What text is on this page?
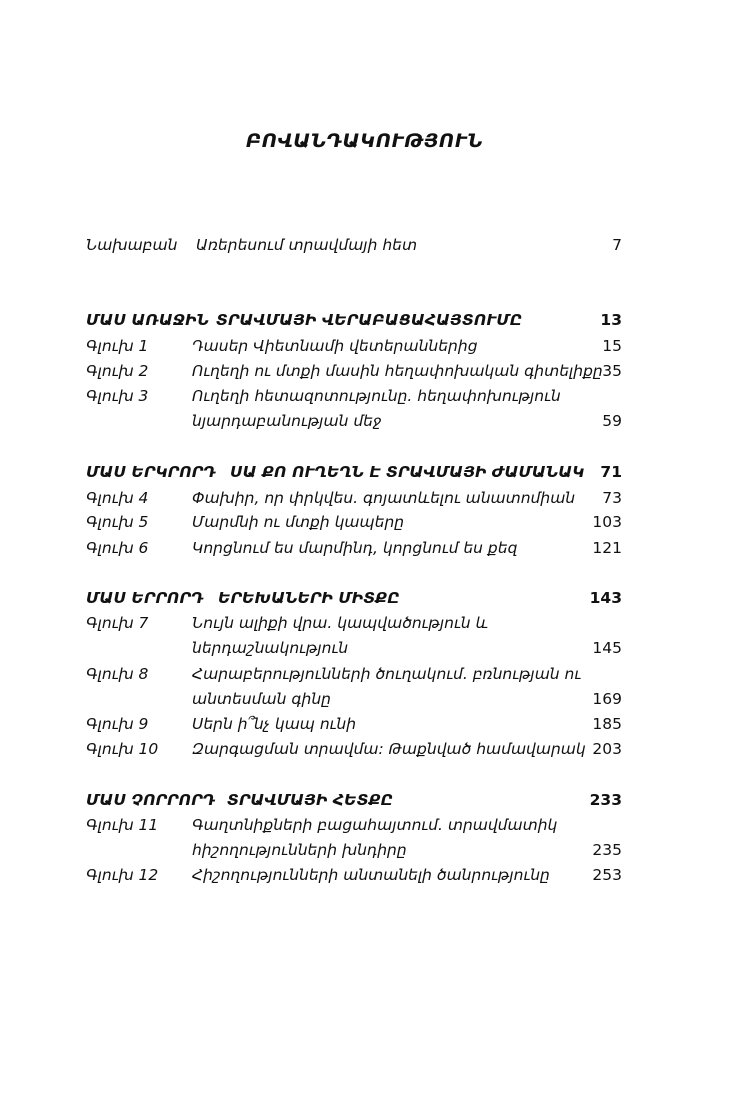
ԲՈՎԱՆԴԱԿՈՒԹՅՈՒՆ
Նախաբան Առերեսում տրավմայի հետ	7
ՄԱՍ ԱՌԱՋԻՆ ՏՐԱՎՄԱՅԻ ՎԵՐԱԲԱՑԱՀԱՅՏՈՒՄԸ	13
Գլուխ 1	Դասեր Վիետնամի վետերաններից	15
Գլուխ 2	Ուղեղի ու մտքի մասին հեղափոխական գիտելիքը 35
Գլուխ 3	Ուղեղի հետազոտությունը. հեղափոխություն
նյարդաբանության մեջ	59
ՄԱՍ ԵՐԿՐՈՐԴ ՍԱ ՔՈ ՈՒՂԵՂՆ Է ՏՐԱՎՄԱՅԻ ԺԱՄԱՆԱԿ 71
Գլուխ 4	Փախիր, որ փրկվես. գոյատևելու անատոմիան 73
Գլուխ 5	Մարմնի ու մտքի կապերը	103
Գլուխ 6	Կորցնում ես մարմինդ, կորցնում ես քեզ	121
ՄԱՍ ԵՐՐՈՐԴ ԵՐԵԽԱՆԵՐԻ ՄԻՏՔԸ	143
Գլուխ 7	Նույն ալիքի վրա. կապվածություն և
ներդաշնակություն	145
Գլուխ 8	Հարաբերությունների ծուղակում. բռնության ու
անտեսման գինը	169
Գլուխ 9	Սերն ի՞նչ կապ ունի	185
Գլուխ 10 Զարգացման տրավմա: Թաքնված համավարակ 203
ՄԱՍ ՉՈՐՐՈՐԴ ՏՐԱՎՄԱՅԻ ՀԵՏՔԸ	233
Գլուխ 11 Գաղտնիքների բացահայտում. տրավմատիկ
հիշողությունների խնդիրը	235
Գլուխ 12 Հիշողությունների անտանելի ծանրությունը	253
